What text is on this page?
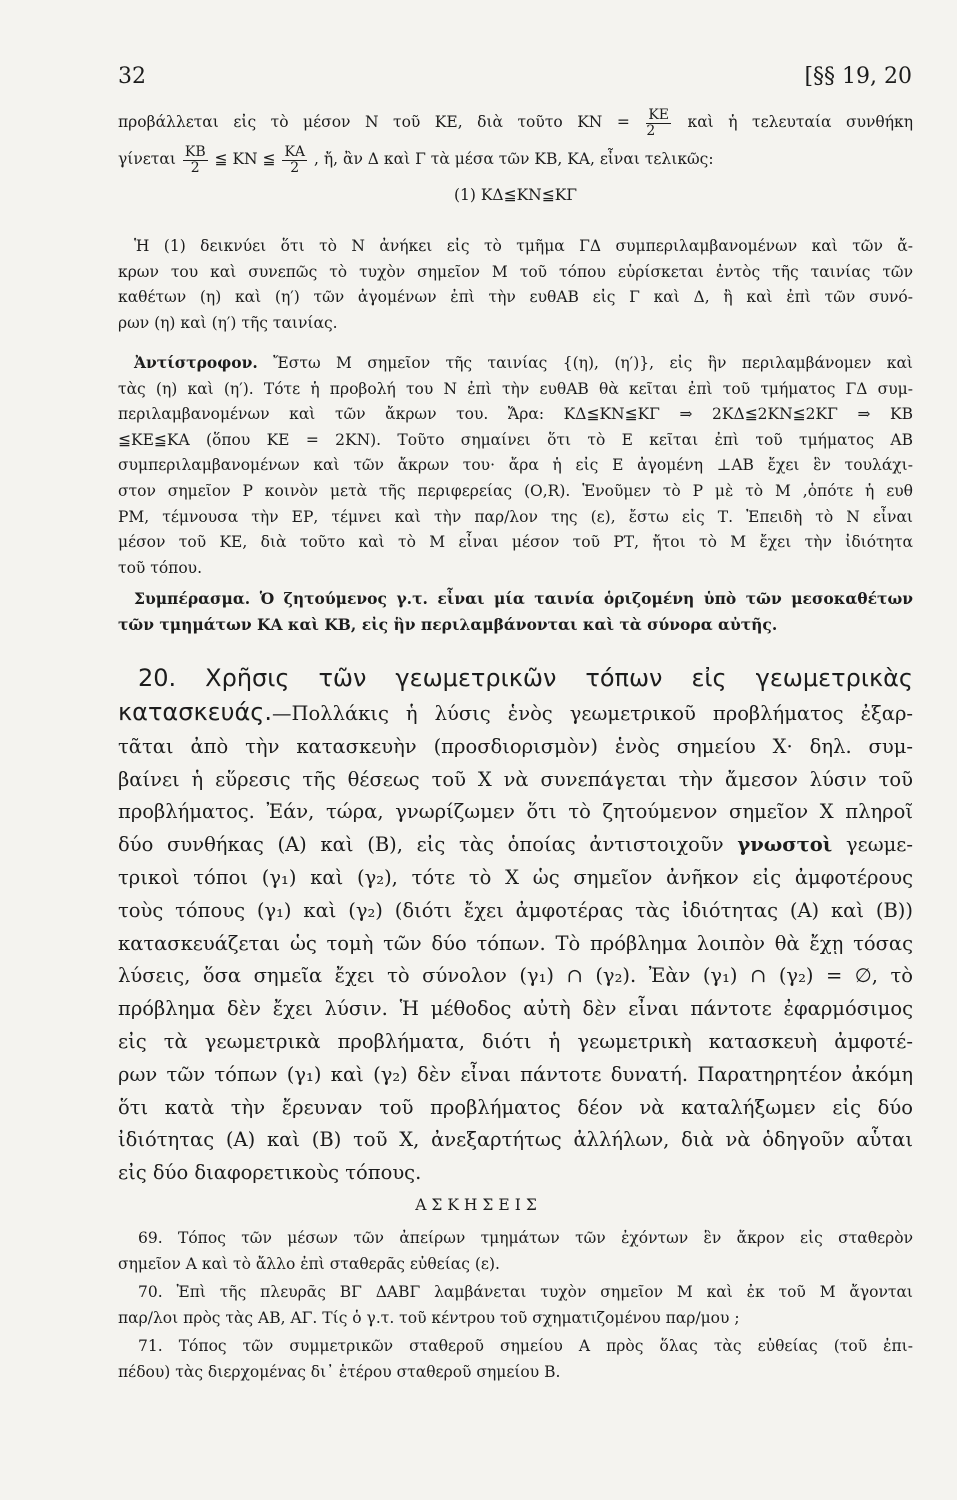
32	[§§ 19, 20
προβάλλεται εἰς τὸ μέσον Ν τοῦ ΚΕ, διὰ τοῦτο $KN = \frac{KE}{2}$ καὶ ἡ τελευταία συνθήκη
γίνεται $\frac{KB}{2}$ ≦ ΚΝ ≦ $\frac{KA}{2}$ , ἤ, ἂν Δ καὶ Γ τὰ μέσα τῶν ΚΒ, ΚΑ, εἶναι τελικῶς:
(1) ΚΔ≦ΚΝ≦ΚΓ
Ἡ (1) δεικνύει ὅτι τὸ Ν ἀνήκει εἰς τὸ τμῆμα ΓΔ συμπεριλαμβανομένων καὶ τῶν ἄ-
κρων του καὶ συνεπῶς τὸ τυχὸν σημεῖον Μ τοῦ τόπου εὑρίσκεται ἐντὸς τῆς ταινίας τῶν
καθέτων (η) καὶ (η′) τῶν ἀγομένων ἐπὶ τὴν ευθΑΒ εἰς Γ καὶ Δ, ἢ καὶ ἐπὶ τῶν συνό-
ρων (η) καὶ (η′) τῆς ταινίας.
Ἀντίστροφον. Ἔστω Μ σημεῖον τῆς ταινίας {(η), (η′)}, εἰς ἣν περιλαμβάνομεν καὶ
τὰς (η) καὶ (η′). Τότε ἡ προβολή του Ν ἐπὶ τὴν ευθΑΒ θὰ κεῖται ἐπὶ τοῦ τμήματος ΓΔ συμ-
περιλαμβανομένων καὶ τῶν ἄκρων του. Ἄρα: ΚΔ≦ΚΝ≦ΚΓ ⇒ 2ΚΔ≦2ΚΝ≦2ΚΓ ⇒ ΚΒ
≦ΚΕ≦ΚΑ (ὅπου ΚΕ = 2ΚΝ). Τοῦτο σημαίνει ὅτι τὸ Ε κεῖται ἐπὶ τοῦ τμήματος ΑΒ
συμπεριλαμβανομένων καὶ τῶν ἄκρων του· ἄρα ἡ εἰς Ε ἀγομένη ⊥ΑΒ ἔχει ἓν τουλάχι-
στον σημεῖον Ρ κοινὸν μετὰ τῆς περιφερείας (Ο,R). Ἑνοῦμεν τὸ Ρ μὲ τὸ Μ ,ὁπότε ἡ ευθ
ΡΜ, τέμνουσα τὴν ΕΡ, τέμνει καὶ τὴν παρ/λον της (ε), ἔστω εἰς Τ. Ἐπειδὴ τὸ Ν εἶναι
μέσον τοῦ ΚΕ, διὰ τοῦτο καὶ τὸ Μ εἶναι μέσον τοῦ ΡΤ, ἤτοι τὸ Μ ἔχει τὴν ἰδιότητα
τοῦ τόπου.
Συμπέρασμα. Ὁ ζητούμενος γ.τ. εἶναι μία ταινία ὁριζομένη ὑπὸ τῶν μεσοκαθέτων
τῶν τμημάτων ΚΑ καὶ ΚΒ, εἰς ἣν περιλαμβάνονται καὶ τὰ σύνορα αὐτῆς.
20. Χρῆσις τῶν γεωμετρικῶν τόπων εἰς γεωμετρικὰς
κατασκευάς.—Πολλάκις ἡ λύσις ἑνὸς γεωμετρικοῦ προβλήματος ἐξαρ-
τᾶται ἀπὸ τὴν κατασκευὴν (προσδιορισμὸν) ἑνὸς σημείου Χ· δηλ. συμ-
βαίνει ἡ εὕρεσις τῆς θέσεως τοῦ Χ νὰ συνεπάγεται τὴν ἄμεσον λύσιν τοῦ
προβλήματος. Ἐάν, τώρα, γνωρίζωμεν ὅτι τὸ ζητούμενον σημεῖον Χ πληροῖ
δύο συνθήκας (Α) καὶ (Β), εἰς τὰς ὁποίας ἀντιστοιχοῦν γνωστοὶ γεωμε-
τρικοὶ τόποι (γ₁) καὶ (γ₂), τότε τὸ Χ ὡς σημεῖον ἀνῆκον εἰς ἀμφοτέρους
τοὺς τόπους (γ₁) καὶ (γ₂) (διότι ἔχει ἀμφοτέρας τὰς ἰδιότητας (Α) καὶ (Β))
κατασκευάζεται ὡς τομὴ τῶν δύο τόπων. Τὸ πρόβλημα λοιπὸν θὰ ἔχῃ τόσας
λύσεις, ὅσα σημεῖα ἔχει τὸ σύνολον (γ₁) ∩ (γ₂). Ἐὰν (γ₁) ∩ (γ₂) = ∅, τὸ
πρόβλημα δὲν ἔχει λύσιν. Ἡ μέθοδος αὐτὴ δὲν εἶναι πάντοτε ἐφαρμόσιμος
εἰς τὰ γεωμετρικὰ προβλήματα, διότι ἡ γεωμετρικὴ κατασκευὴ ἀμφοτέ-
ρων τῶν τόπων (γ₁) καὶ (γ₂) δὲν εἶναι πάντοτε δυνατή. Παρατηρητέον ἀκόμη
ὅτι κατὰ τὴν ἔρευναν τοῦ προβλήματος δέον νὰ καταλήξωμεν εἰς δύο
ἰδιότητας (Α) καὶ (Β) τοῦ Χ, ἀνεξαρτήτως ἀλλήλων, διὰ νὰ ὁδηγοῦν αὗται
εἰς δύο διαφορετικοὺς τόπους.
ΑΣΚΗΣΕΙΣ
69. Τόπος τῶν μέσων τῶν ἀπείρων τμημάτων τῶν ἐχόντων ἓν ἄκρον εἰς σταθερὸν
σημεῖον Α καὶ τὸ ἄλλο ἐπὶ σταθερᾶς εὐθείας (ε).
70. Ἐπὶ τῆς πλευρᾶς ΒΓ ΔΑΒΓ λαμβάνεται τυχὸν σημεῖον Μ καὶ ἐκ τοῦ Μ ἄγονται
παρ/λοι πρὸς τὰς ΑΒ, ΑΓ. Τίς ὁ γ.τ. τοῦ κέντρου τοῦ σχηματιζομένου παρ/μου ;
71. Τόπος τῶν συμμετρικῶν σταθεροῦ σημείου Α πρὸς ὅλας τὰς εὐθείας (τοῦ ἐπι-
πέδου) τὰς διερχομένας δι᾽ ἑτέρου σταθεροῦ σημείου Β.
